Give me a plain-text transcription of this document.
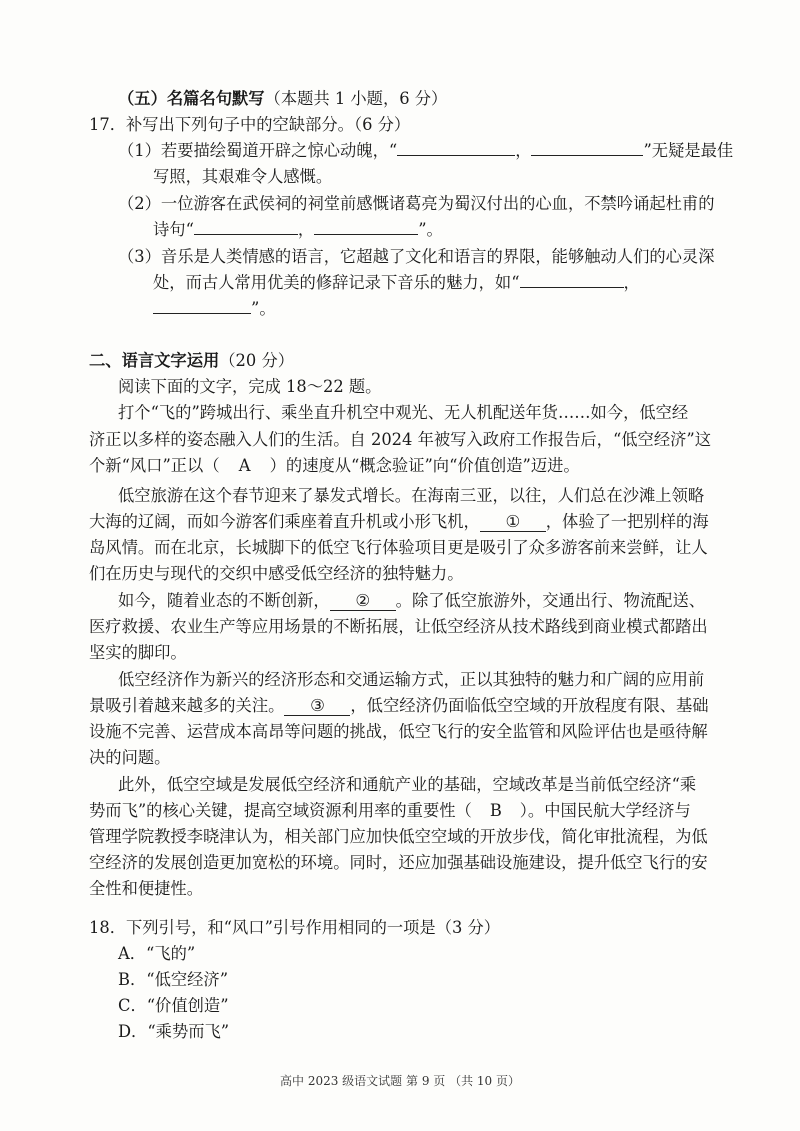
（五）名篇名句默写（本题共 1 小题，6 分）
17．补写出下列句子中的空缺部分。（6 分）
（1）若要描绘蜀道开辟之惊心动魄，“	，	”无疑是最佳
写照，其艰难令人感慨。
（2）一位游客在武侯祠的祠堂前感慨诸葛亮为蜀汉付出的心血，不禁吟诵起杜甫的
诗句“	，	”。
（3）音乐是人类情感的语言，它超越了文化和语言的界限，能够触动人们的心灵深
处，而古人常用优美的修辞记录下音乐的魅力，如“	，
”。
二、语言文字运用（20 分）
阅读下面的文字，完成 18～22 题。
打个“飞的”跨城出行、乘坐直升机空中观光、无人机配送年货……如今，低空经
济正以多样的姿态融入人们的生活。自 2024 年被写入政府工作报告后，“低空经济”这
个新“风口”正以（ A ）的速度从“概念验证”向“价值创造”迈进。
低空旅游在这个春节迎来了暴发式增长。在海南三亚，以往，人们总在沙滩上领略
大海的辽阔，而如今游客们乘座着直升机或小形飞机， ① ，体验了一把别样的海
岛风情。而在北京，长城脚下的低空飞行体验项目更是吸引了众多游客前来尝鲜，让人
们在历史与现代的交织中感受低空经济的独特魅力。
如今，随着业态的不断创新， ② 。除了低空旅游外，交通出行、物流配送、
医疗救援、农业生产等应用场景的不断拓展，让低空经济从技术路线到商业模式都踏出
坚实的脚印。
低空经济作为新兴的经济形态和交通运输方式，正以其独特的魅力和广阔的应用前
景吸引着越来越多的关注。 ③ ，低空经济仍面临低空空域的开放程度有限、基础
设施不完善、运营成本高昂等问题的挑战，低空飞行的安全监管和风险评估也是亟待解
决的问题。
此外，低空空域是发展低空经济和通航产业的基础，空域改革是当前低空经济“乘
势而飞”的核心关键，提高空域资源利用率的重要性（ B ）。中国民航大学经济与
管理学院教授李晓津认为，相关部门应加快低空空域的开放步伐，简化审批流程，为低
空经济的发展创造更加宽松的环境。同时，还应加强基础设施建设，提升低空飞行的安
全性和便捷性。
18．下列引号，和“风口”引号作用相同的一项是（3 分）
A．“飞的”
B．“低空经济”
C．“价值创造”
D．“乘势而飞”
高中 2023 级语文试题 第 9 页 （共 10 页）
